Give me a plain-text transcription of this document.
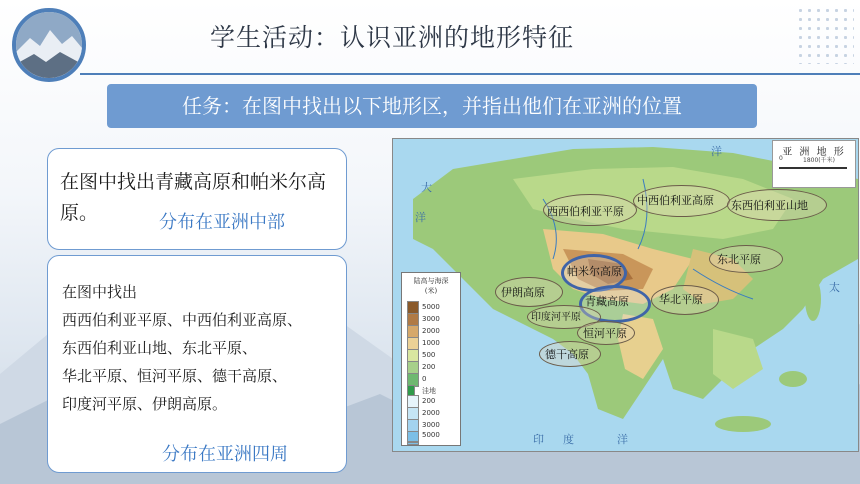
学生活动：认识亚洲的地形特征
任务：在图中找出以下地形区，并指出他们在亚洲的位置
在图中找出青藏高原和帕米尔高原。	分布在亚洲中部
在图中找出
西西伯利亚平原、中西伯利亚高原、
东西伯利亚山地、东北平原、
华北平原、恒河平原、德干高原、
印度河平原、伊朗高原。
分布在亚洲四周
大
洋
洋
太
印 度	洋
西西伯利亚平原
中西伯利亚高原 东西伯利亚山地
东北平原
帕米尔高原
伊朗高原
青藏高原	华北平原
印度河平原
恒河平原
德干高原
陆高与海深
(米)
5000
3000
2000
1000
500
200
0
洼地
200
2000
3000
5000
亚 洲 地 形
0	1800(千米)
